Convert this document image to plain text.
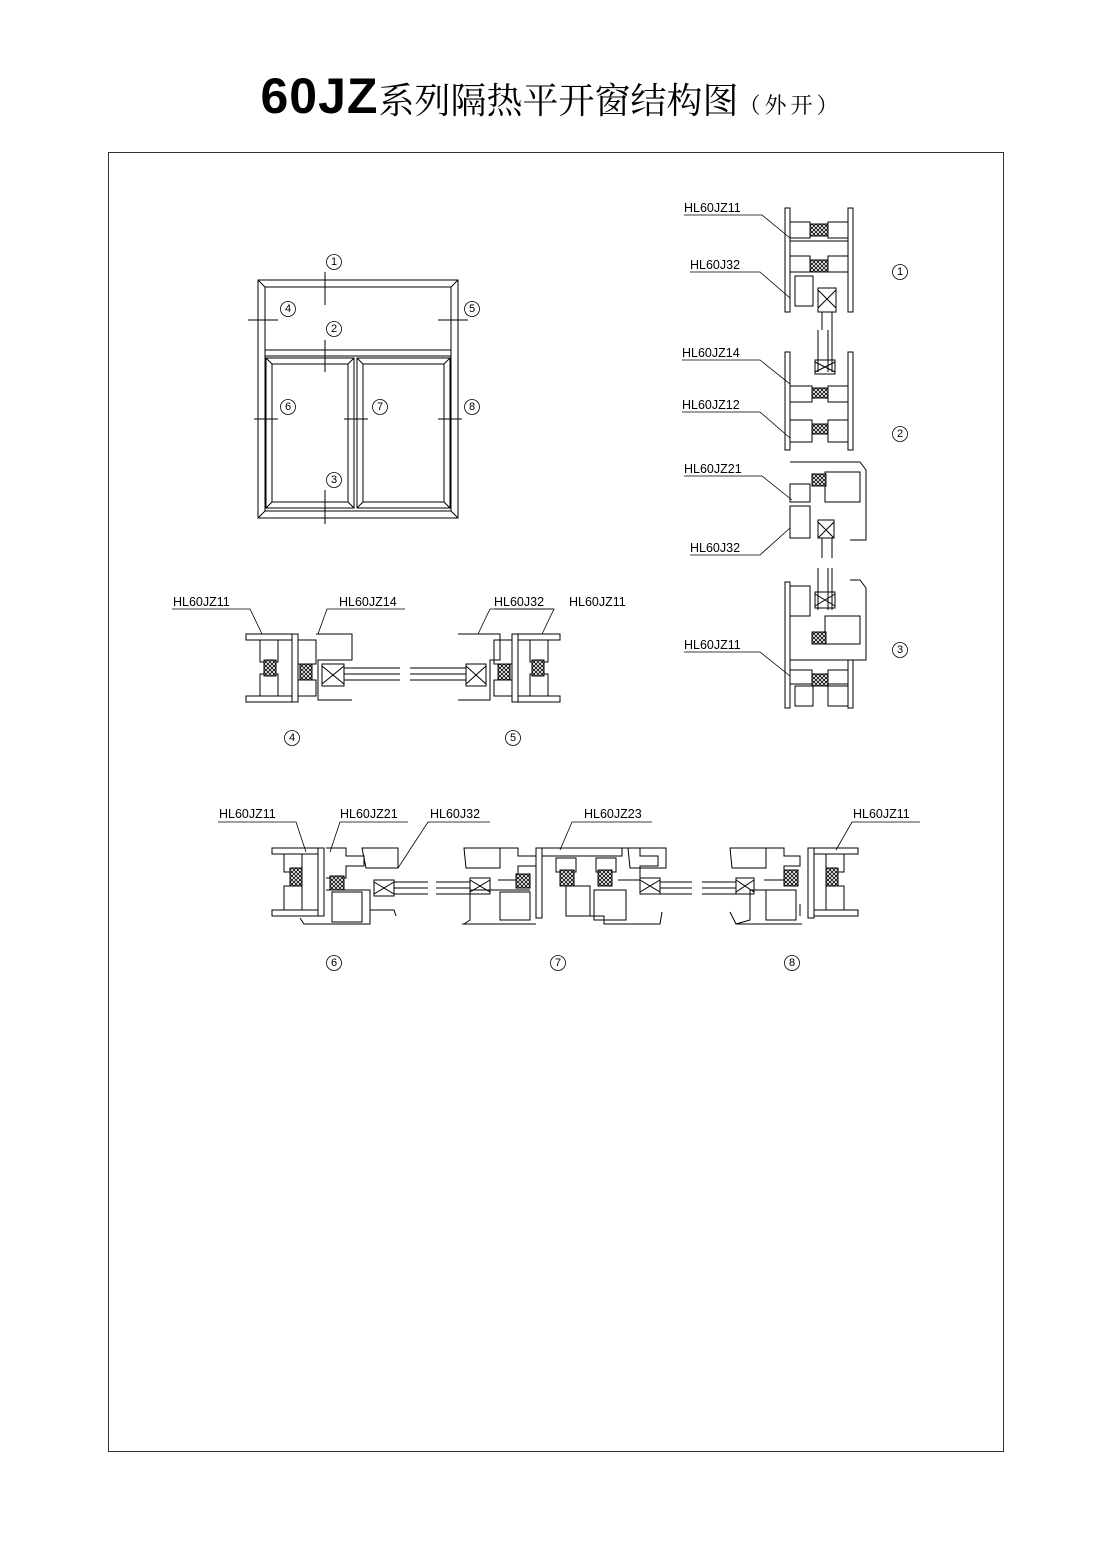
60JZ系列隔热平开窗结构图（外开）
1
2
3
4	5
6	7	8
HL60JZ11
HL60J32	1
HL60JZ14
HL60JZ12
HL60JZ21
HL60J32
2
HL60JZ11	3
HL60JZ11	HL60JZ14
4
HL60J32 HL60JZ11
5
HL60JZ11	HL60JZ21	HL60J32
6
HL60JZ23
7
HL60JZ11
8
